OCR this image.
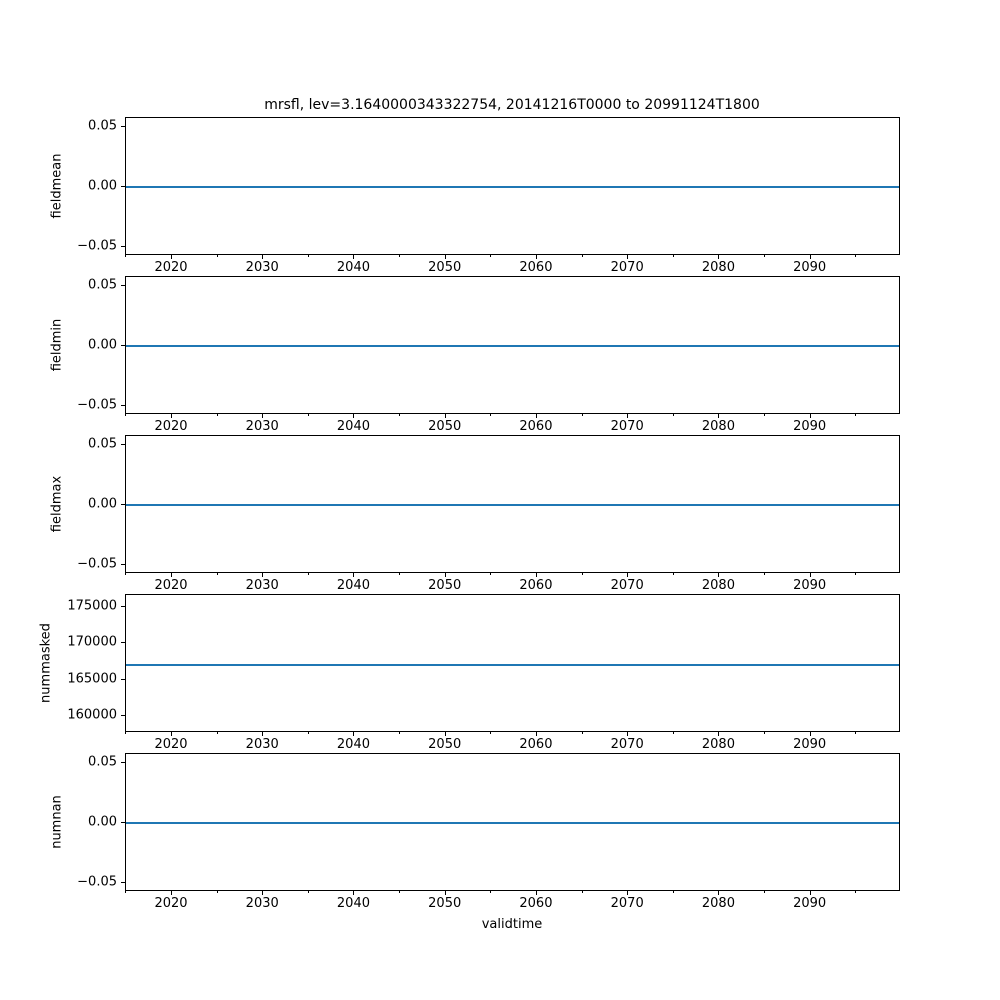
mrsfl, lev=3.1640000343322754, 20141216T0000 to 20991124T1800
2020	2030	2040	2050	2060	2070	2080	2090
0.05
0.00
−0.05
fieldmean
2020	2030	2040	2050	2060	2070	2080	2090
0.05
0.00
−0.05
fieldmin
2020	2030	2040	2050	2060	2070	2080	2090
0.05
0.00
−0.05
fieldmax
2020	2030	2040	2050	2060	2070	2080	2090
175000
170000
165000
160000
nummasked
2020	2030	2040	2050	2060	2070	2080	2090
0.05
0.00
−0.05
numnan
validtime
